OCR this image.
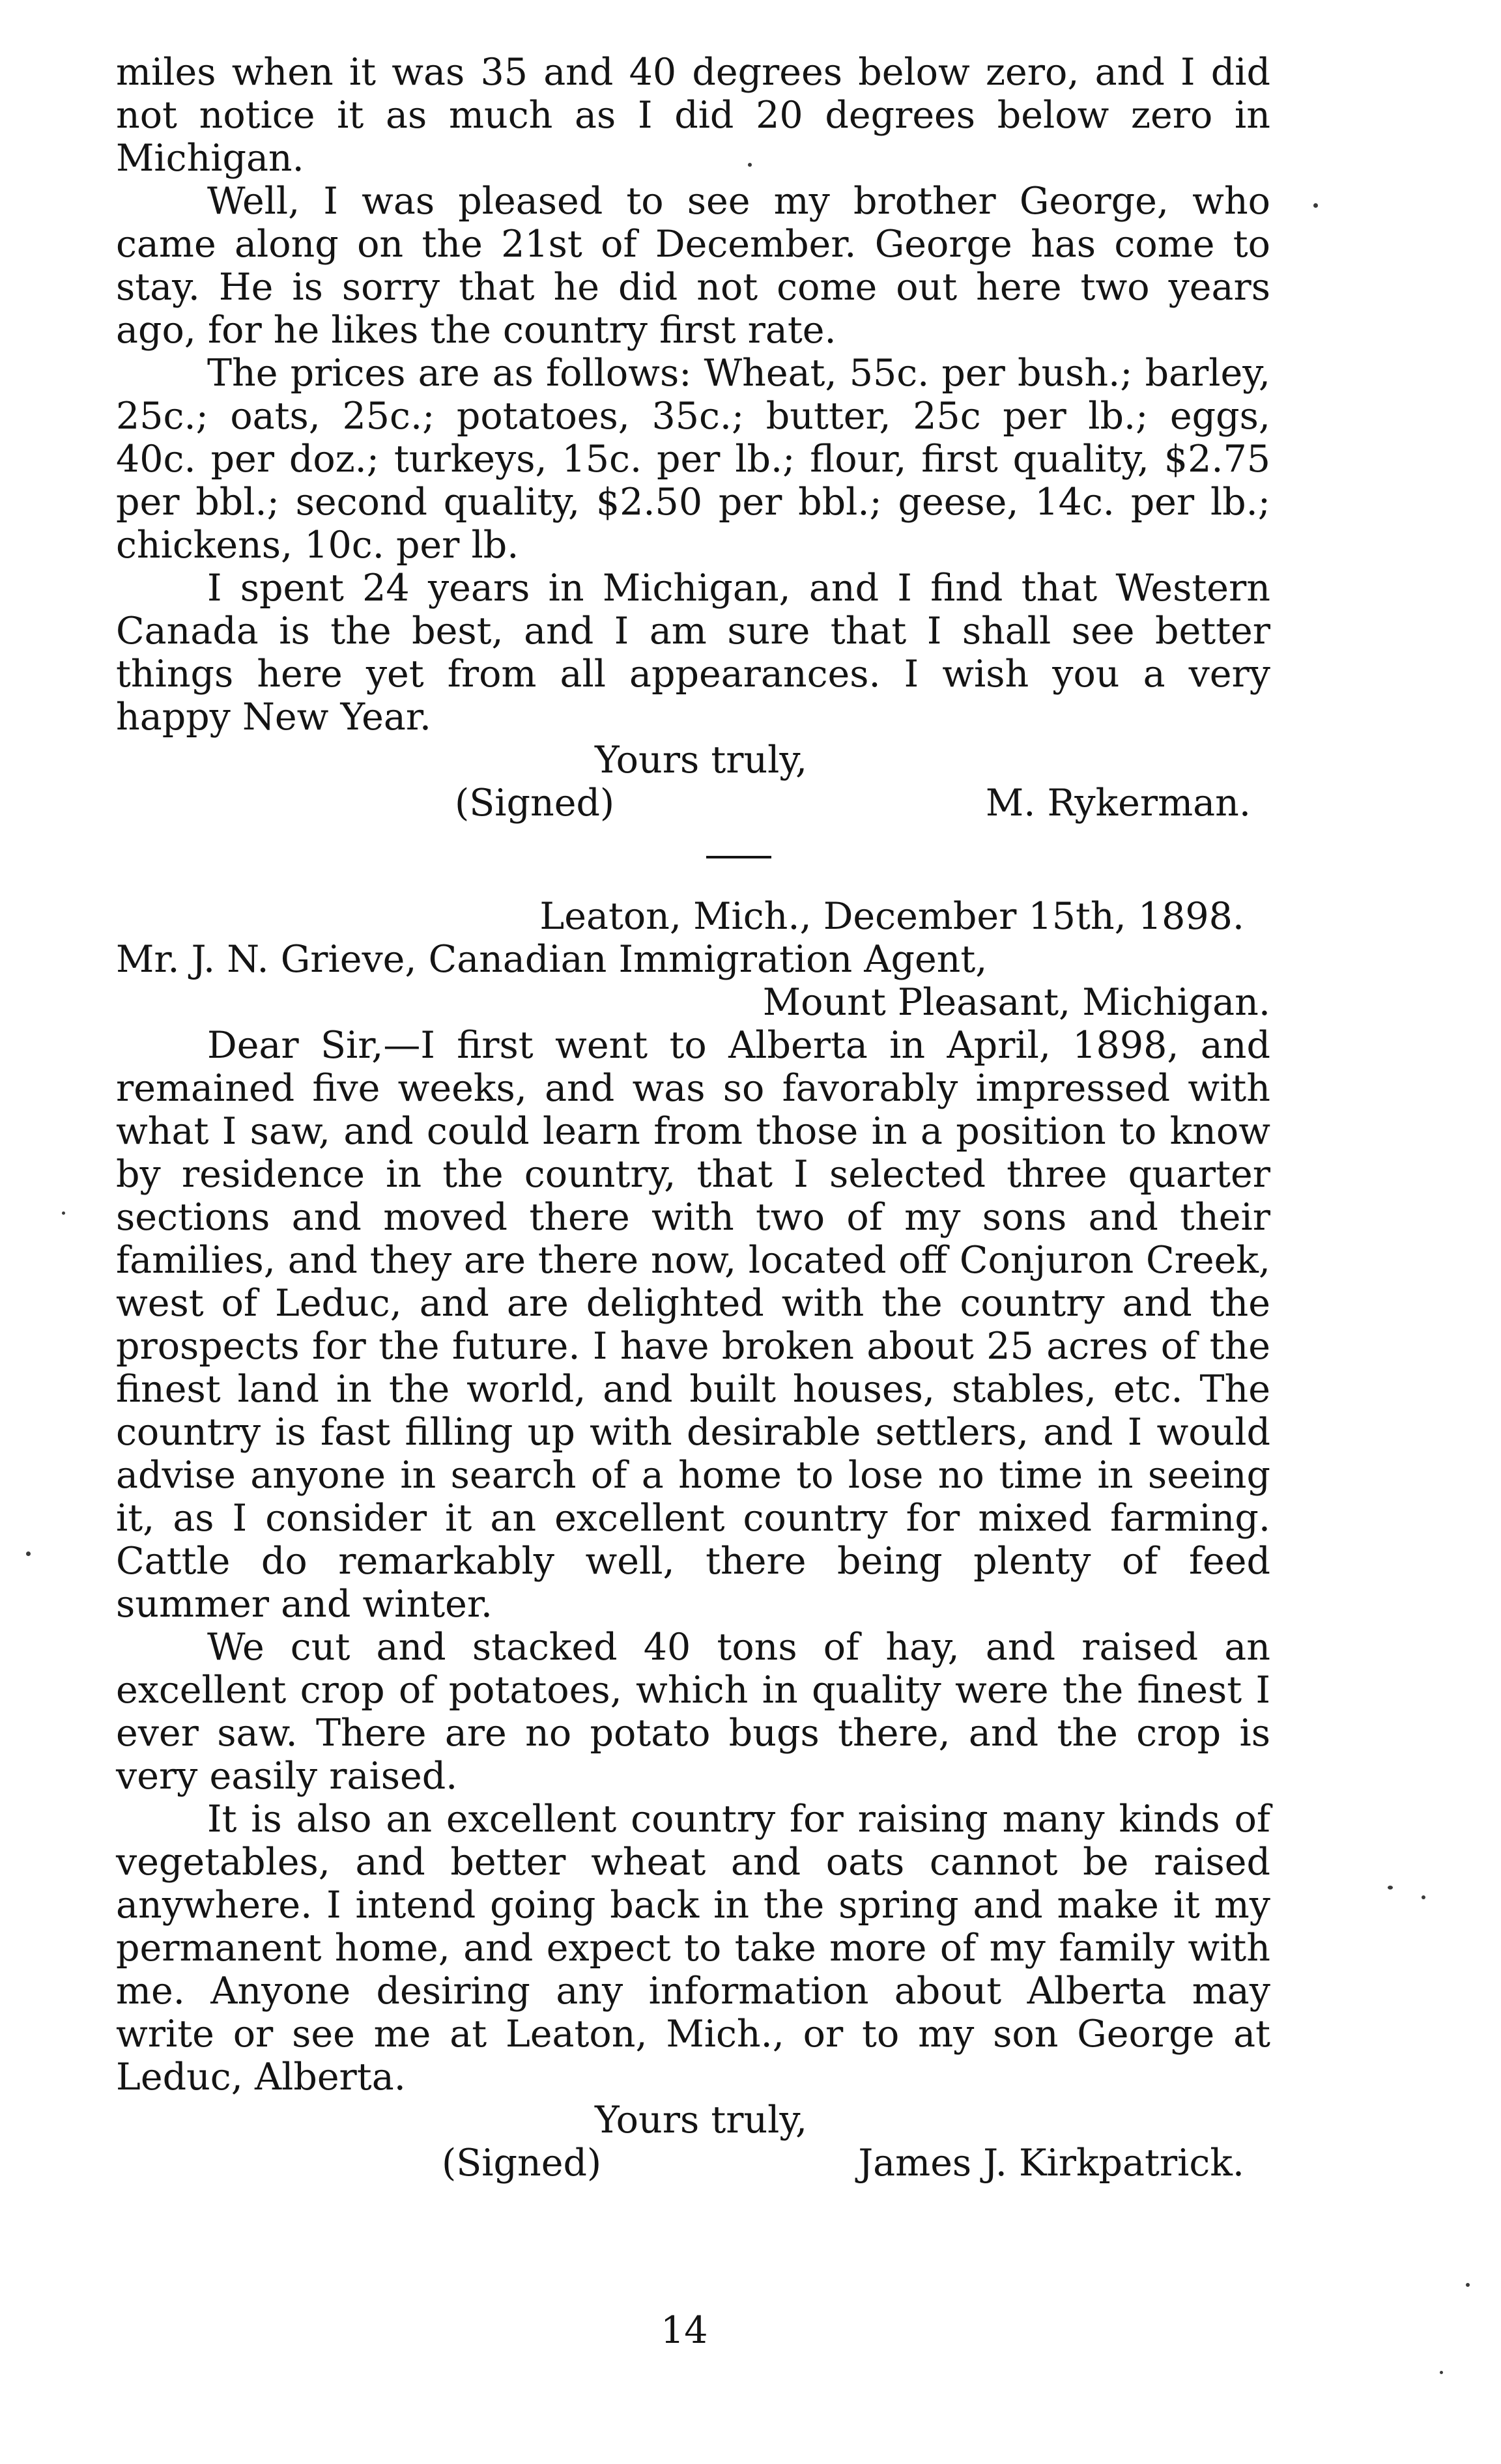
miles when it was 35 and 40 degrees below zero, and I did not notice it as much as I did 20 degrees below zero in Michigan.

Well, I was pleased to see my brother George, who came along on the 21st of December. George has come to stay. He is sorry that he did not come out here two years ago, for he likes the country first rate.

The prices are as follows: Wheat, 55c. per bush.; barley, 25c.; oats, 25c.; potatoes, 35c.; butter, 25c per lb.; eggs, 40c. per doz.; turkeys, 15c. per lb.; flour, first quality, $2.75 per bbl.; second quality, $2.50 per bbl.; geese, 14c. per lb.; chickens, 10c. per lb.

I spent 24 years in Michigan, and I find that Western Canada is the best, and I am sure that I shall see better things here yet from all appearances. I wish you a very happy New Year.

Yours truly,

(Signed)	M. Rykerman.

Leaton, Mich., December 15th, 1898.

Mr. J. N. Grieve, Canadian Immigration Agent,

Mount Pleasant, Michigan.

Dear Sir,—I first went to Alberta in April, 1898, and remained five weeks, and was so favorably impressed with what I saw, and could learn from those in a position to know by residence in the country, that I selected three quarter sections and moved there with two of my sons and their families, and they are there now, located off Conjuron Creek, west of Leduc, and are delighted with the country and the prospects for the future. I have broken about 25 acres of the finest land in the world, and built houses, stables, etc. The country is fast filling up with desirable settlers, and I would advise anyone in search of a home to lose no time in seeing it, as I consider it an excellent country for mixed farming. Cattle do remarkably well, there being plenty of feed summer and winter.

We cut and stacked 40 tons of hay, and raised an excellent crop of potatoes, which in quality were the finest I ever saw. There are no potato bugs there, and the crop is very easily raised.

It is also an excellent country for raising many kinds of vegetables, and better wheat and oats cannot be raised anywhere. I intend going back in the spring and make it my permanent home, and expect to take more of my family with me. Anyone desiring any information about Alberta may write or see me at Leaton, Mich., or to my son George at Leduc, Alberta.

Yours truly,

(Signed)	James J. Kirkpatrick.

14
